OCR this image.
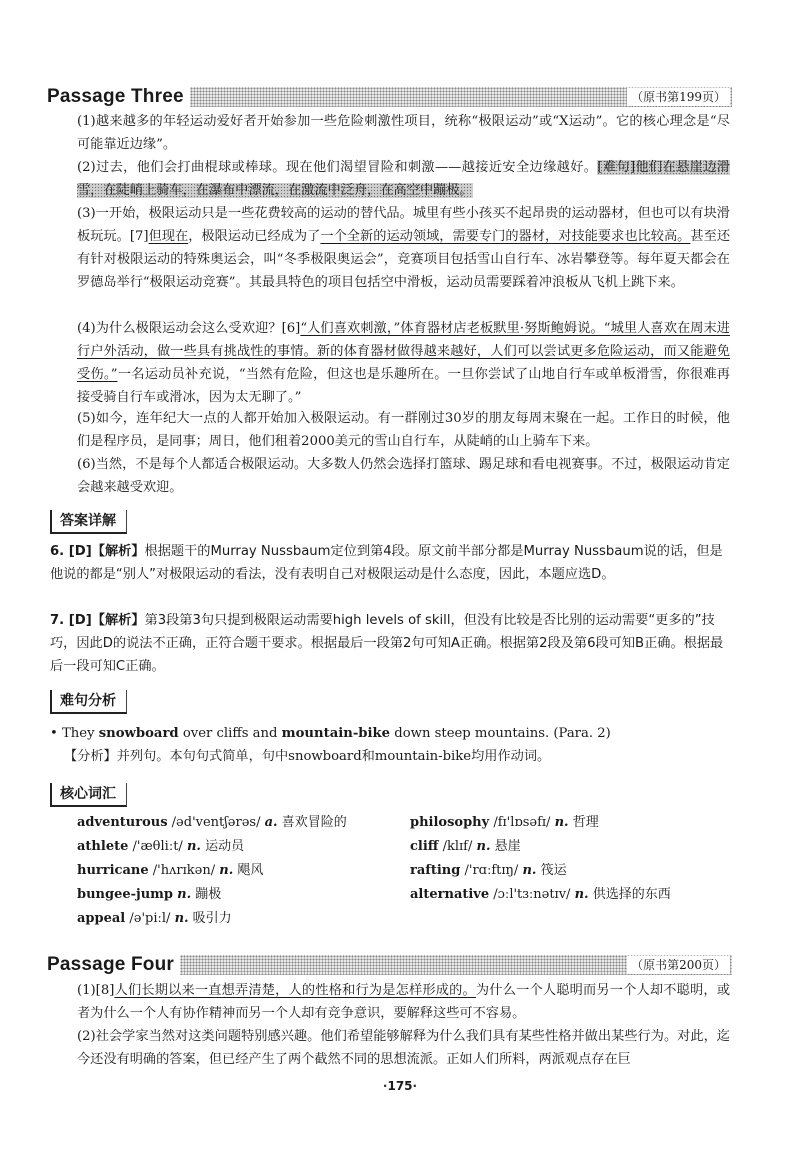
Passage Three	（原书第199页）

(1)越来越多的年轻运动爱好者开始参加一些危险刺激性项目，统称“极限运动”或“X运动”。它的核心理念是“尽可能靠近边缘”。

(2)过去，他们会打曲棍球或棒球。现在他们渴望冒险和刺激——越接近安全边缘越好。[难句]他们在悬崖边滑雪，在陡峭上骑车，在瀑布中漂流，在激流中泛舟，在高空中蹦极。

(3)一开始，极限运动只是一些花费较高的运动的替代品。城里有些小孩买不起昂贵的运动器材，但也可以有块滑板玩玩。[7]但现在，极限运动已经成为了一个全新的运动领域，需要专门的器材，对技能要求也比较高。甚至还有针对极限运动的特殊奥运会，叫“冬季极限奥运会”，竞赛项目包括雪山自行车、冰岩攀登等。每年夏天都会在罗德岛举行“极限运动竞赛”。其最具特色的项目包括空中滑板，运动员需要踩着冲浪板从飞机上跳下来。

(4)为什么极限运动会这么受欢迎？[6]“人们喜欢刺激，”体育器材店老板默里·努斯鲍姆说。“城里人喜欢在周末进行户外活动，做一些具有挑战性的事情。新的体育器材做得越来越好，人们可以尝试更多危险运动，而又能避免受伤。”一名运动员补充说，“当然有危险，但这也是乐趣所在。一旦你尝试了山地自行车或单板滑雪，你很难再接受骑自行车或滑冰，因为太无聊了。”

(5)如今，连年纪大一点的人都开始加入极限运动。有一群刚过30岁的朋友每周末聚在一起。工作日的时候，他们是程序员，是同事；周日，他们租着2000美元的雪山自行车，从陡峭的山上骑车下来。

(6)当然，不是每个人都适合极限运动。大多数人仍然会选择打篮球、踢足球和看电视赛事。不过，极限运动肯定会越来越受欢迎。

答案详解

6. [D]【解析】根据题干的Murray Nussbaum定位到第4段。原文前半部分都是Murray Nussbaum说的话，但是他说的都是“别人”对极限运动的看法，没有表明自己对极限运动是什么态度，因此，本题应选D。

7. [D]【解析】第3段第3句只提到极限运动需要high levels of skill，但没有比较是否比别的运动需要“更多的”技巧，因此D的说法不正确，正符合题干要求。根据最后一段第2句可知A正确。根据第2段及第6段可知B正确。根据最后一段可知C正确。

难句分析

• They snowboard over cliffs and mountain-bike down steep mountains. (Para. 2)

【分析】并列句。本句句式简单，句中snowboard和mountain-bike均用作动词。

核心词汇
adventurous /əd'ventʃərəs/ a. 喜欢冒险的
athlete /'æθliːt/ n. 运动员
hurricane /'hʌrɪkən/ n. 飓风
bungee-jump n. 蹦极
appeal /ə'piːl/ n. 吸引力
philosophy /fɪ'lɒsəfɪ/ n. 哲理
cliff /klɪf/ n. 悬崖
rafting /'rɑːftɪŋ/ n. 筏运
alternative /ɔːl'tɜːnətɪv/ n. 供选择的东西
Passage Four	（原书第200页）

(1)[8]人们长期以来一直想弄清楚，人的性格和行为是怎样形成的。为什么一个人聪明而另一个人却不聪明，或者为什么一个人有协作精神而另一个人却有竞争意识，要解释这些可不容易。

(2)社会学家当然对这类问题特别感兴趣。他们希望能够解释为什么我们具有某些性格并做出某些行为。对此，迄今还没有明确的答案，但已经产生了两个截然不同的思想流派。正如人们所料，两派观点存在巨

·175·
